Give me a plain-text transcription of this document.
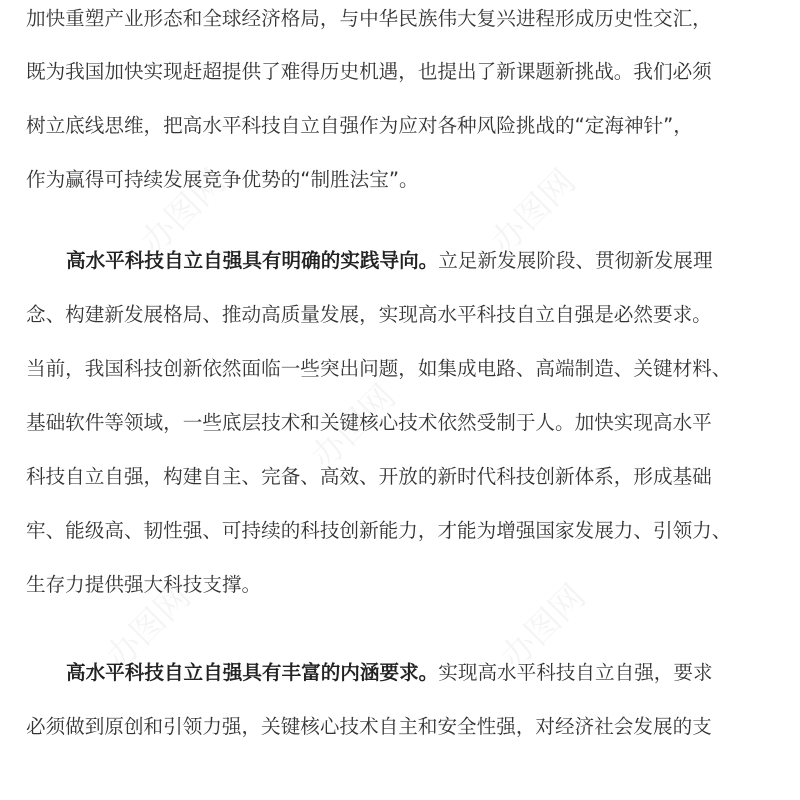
加快重塑产业形态和全球经济格局，与中华民族伟大复兴进程形成历史性交汇，
既为我国加快实现赶超提供了难得历史机遇，也提出了新课题新挑战。我们必须
树立底线思维，把高水平科技自立自强作为应对各种风险挑战的“定海神针”，
作为赢得可持续发展竞争优势的“制胜法宝”。
高水平科技自立自强具有明确的实践导向。立足新发展阶段、贯彻新发展理
念、构建新发展格局、推动高质量发展，实现高水平科技自立自强是必然要求。
当前，我国科技创新依然面临一些突出问题，如集成电路、高端制造、关键材料、
基础软件等领域，一些底层技术和关键核心技术依然受制于人。加快实现高水平
科技自立自强，构建自主、完备、高效、开放的新时代科技创新体系，形成基础
牢、能级高、韧性强、可持续的科技创新能力，才能为增强国家发展力、引领力、
生存力提供强大科技支撑。
高水平科技自立自强具有丰富的内涵要求。实现高水平科技自立自强，要求
必须做到原创和引领力强，关键核心技术自主和安全性强，对经济社会发展的支
